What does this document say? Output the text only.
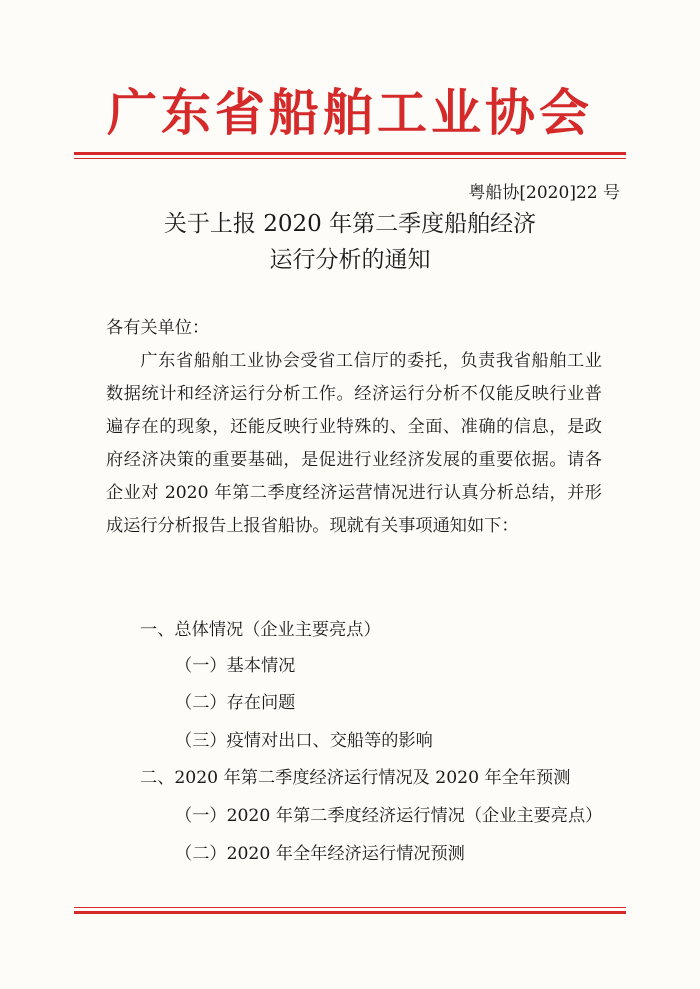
广东省船舶工业协会
粤船协[2020]22 号
关于上报 2020 年第二季度船舶经济
运行分析的通知
各有关单位：
广东省船舶工业协会受省工信厅的委托，负责我省船舶工业数据统计和经济运行分析工作。经济运行分析不仅能反映行业普遍存在的现象，还能反映行业特殊的、全面、准确的信息，是政府经济决策的重要基础，是促进行业经济发展的重要依据。请各企业对 2020 年第二季度经济运营情况进行认真分析总结，并形成运行分析报告上报省船协。现就有关事项通知如下：
一、总体情况（企业主要亮点）
（一）基本情况
（二）存在问题
（三）疫情对出口、交船等的影响
二、2020 年第二季度经济运行情况及 2020 年全年预测
（一）2020 年第二季度经济运行情况（企业主要亮点）
（二）2020 年全年经济运行情况预测
